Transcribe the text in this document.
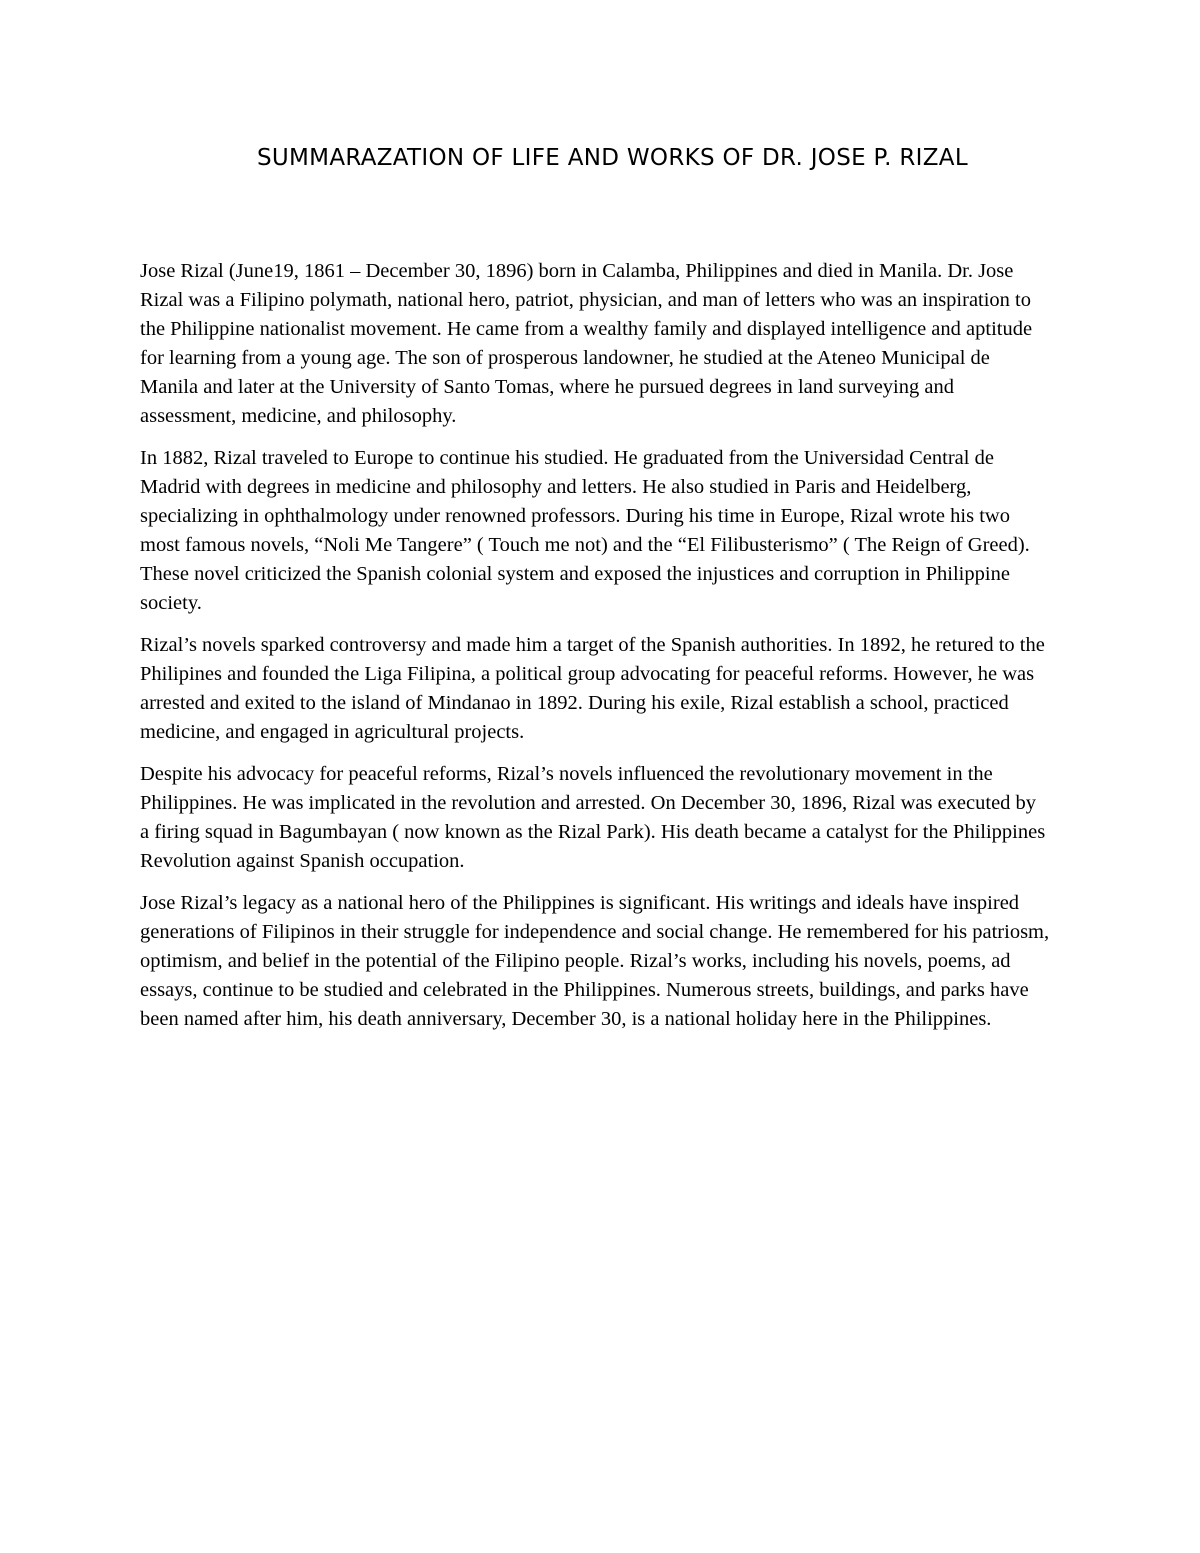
SUMMARAZATION OF LIFE AND WORKS OF DR. JOSE P. RIZAL

Jose Rizal (June19, 1861 – December 30, 1896) born in Calamba, Philippines and died in Manila. Dr. Jose Rizal was a Filipino polymath, national hero, patriot, physician, and man of letters who was an inspiration to the Philippine nationalist movement. He came from a wealthy family and displayed intelligence and aptitude for learning from a young age. The son of prosperous landowner, he studied at the Ateneo Municipal de Manila and later at the University of Santo Tomas, where he pursued degrees in land surveying and assessment, medicine, and philosophy.

In 1882, Rizal traveled to Europe to continue his studied. He graduated from the Universidad Central de Madrid with degrees in medicine and philosophy and letters. He also studied in Paris and Heidelberg, specializing in ophthalmology under renowned professors. During his time in Europe, Rizal wrote his two most famous novels, “Noli Me Tangere” ( Touch me not) and the “El Filibusterismo” ( The Reign of Greed). These novel criticized the Spanish colonial system and exposed the injustices and corruption in Philippine society.

Rizal’s novels sparked controversy and made him a target of the Spanish authorities. In 1892, he retured to the Philipines and founded the Liga Filipina, a political group advocating for peaceful reforms. However, he was arrested and exited to the island of Mindanao in 1892. During his exile, Rizal establish a school, practiced medicine, and engaged in agricultural projects.

Despite his advocacy for peaceful reforms, Rizal’s novels influenced the revolutionary movement in the Philippines. He was implicated in the revolution and arrested. On December 30, 1896, Rizal was executed by a firing squad in Bagumbayan ( now known as the Rizal Park). His death became a catalyst for the Philippines Revolution against Spanish occupation.

Jose Rizal’s legacy as a national hero of the Philippines is significant. His writings and ideals have inspired generations of Filipinos in their struggle for independence and social change. He remembered for his patriosm, optimism, and belief in the potential of the Filipino people. Rizal’s works, including his novels, poems, ad essays, continue to be studied and celebrated in the Philippines. Numerous streets, buildings, and parks have been named after him, his death anniversary, December 30, is a national holiday here in the Philippines.
